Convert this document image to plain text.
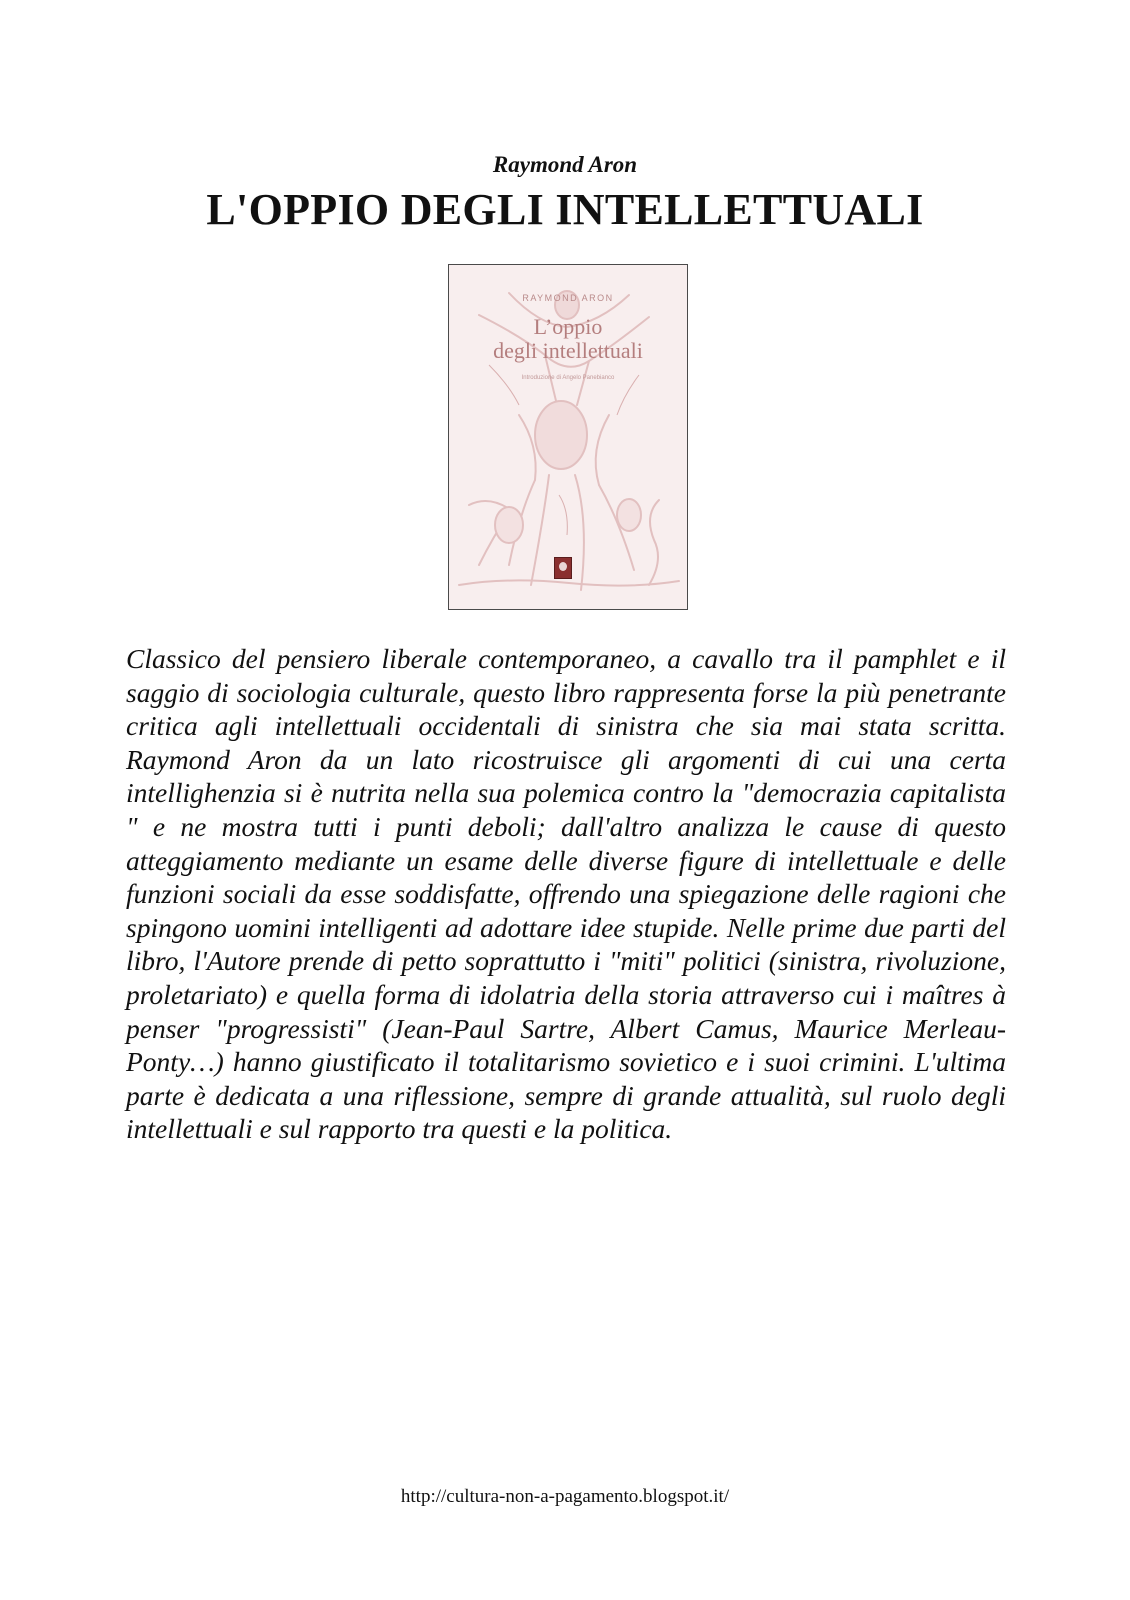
Raymond Aron
L'OPPIO DEGLI INTELLETTUALI
RAYMOND ARON
L’oppio
degli intellettuali
Introduzione di Angelo Panebianco

Classico del pensiero liberale contemporaneo, a cavallo tra il pamphlet e il saggio di sociologia culturale, questo libro rappresenta forse la più penetrante critica agli intellettuali occidentali di sinistra che sia mai stata scritta. Raymond Aron da un lato ricostruisce gli argomenti di cui una certa intellighenzia si è nutrita nella sua polemica contro la "democrazia capitalista " e ne mostra tutti i punti deboli; dall'altro analizza le cause di questo atteggiamento mediante un esame delle diverse figure di intellettuale e delle funzioni sociali da esse soddisfatte, offrendo una spiegazione delle ragioni che spingono uomini intelligenti ad adottare idee stupide. Nelle prime due parti del libro, l'Autore prende di petto soprattutto i "miti" politici (sinistra, rivoluzione, proletariato) e quella forma di idolatria della storia attraverso cui i maîtres à penser "progressisti" (Jean-Paul Sartre, Albert Camus, Maurice Merleau-Ponty…) hanno giustificato il totalitarismo sovietico e i suoi crimini. L'ultima parte è dedicata a una riflessione, sempre di grande attualità, sul ruolo degli intellettuali e sul rapporto tra questi e la politica.

http://cultura-non-a-pagamento.blogspot.it/
